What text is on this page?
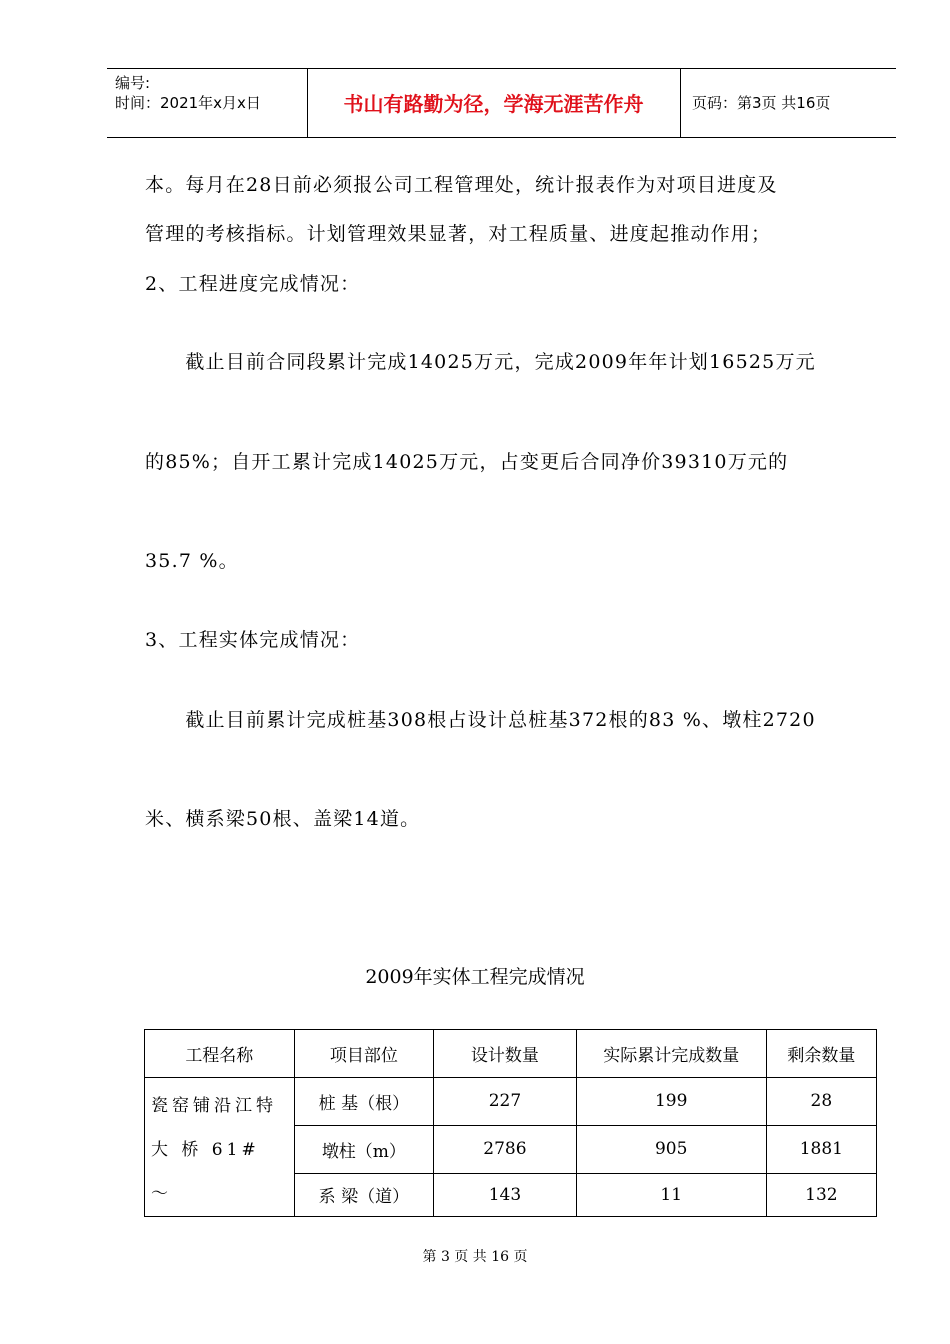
编号:
时间：2021年x月x日	书山有路勤为径，学海无涯苦作舟	页码：第3页 共16页
本。每月在28日前必须报公司工程管理处，统计报表作为对项目进度及
管理的考核指标。计划管理效果显著，对工程质量、进度起推动作用；
2、工程进度完成情况：
　　截止目前合同段累计完成14025万元，完成2009年年计划16525万元
的85%；自开工累计完成14025万元，占变更后合同净价39310万元的
35.7 %。
3、工程实体完成情况：
　　截止目前累计完成桩基308根占设计总桩基372根的83 %、墩柱2720
米、横系梁50根、盖梁14道。
2009年实体工程完成情况
工程名称	项目部位	设计数量	实际累计完成数量	剩余数量
瓷窑铺沿江特大 桥 61# ～	桩 基（根）	227	199	28
	墩柱（m）	2786	905	1881
	系 梁（道）	143	11	132
第 3 页 共 16 页
